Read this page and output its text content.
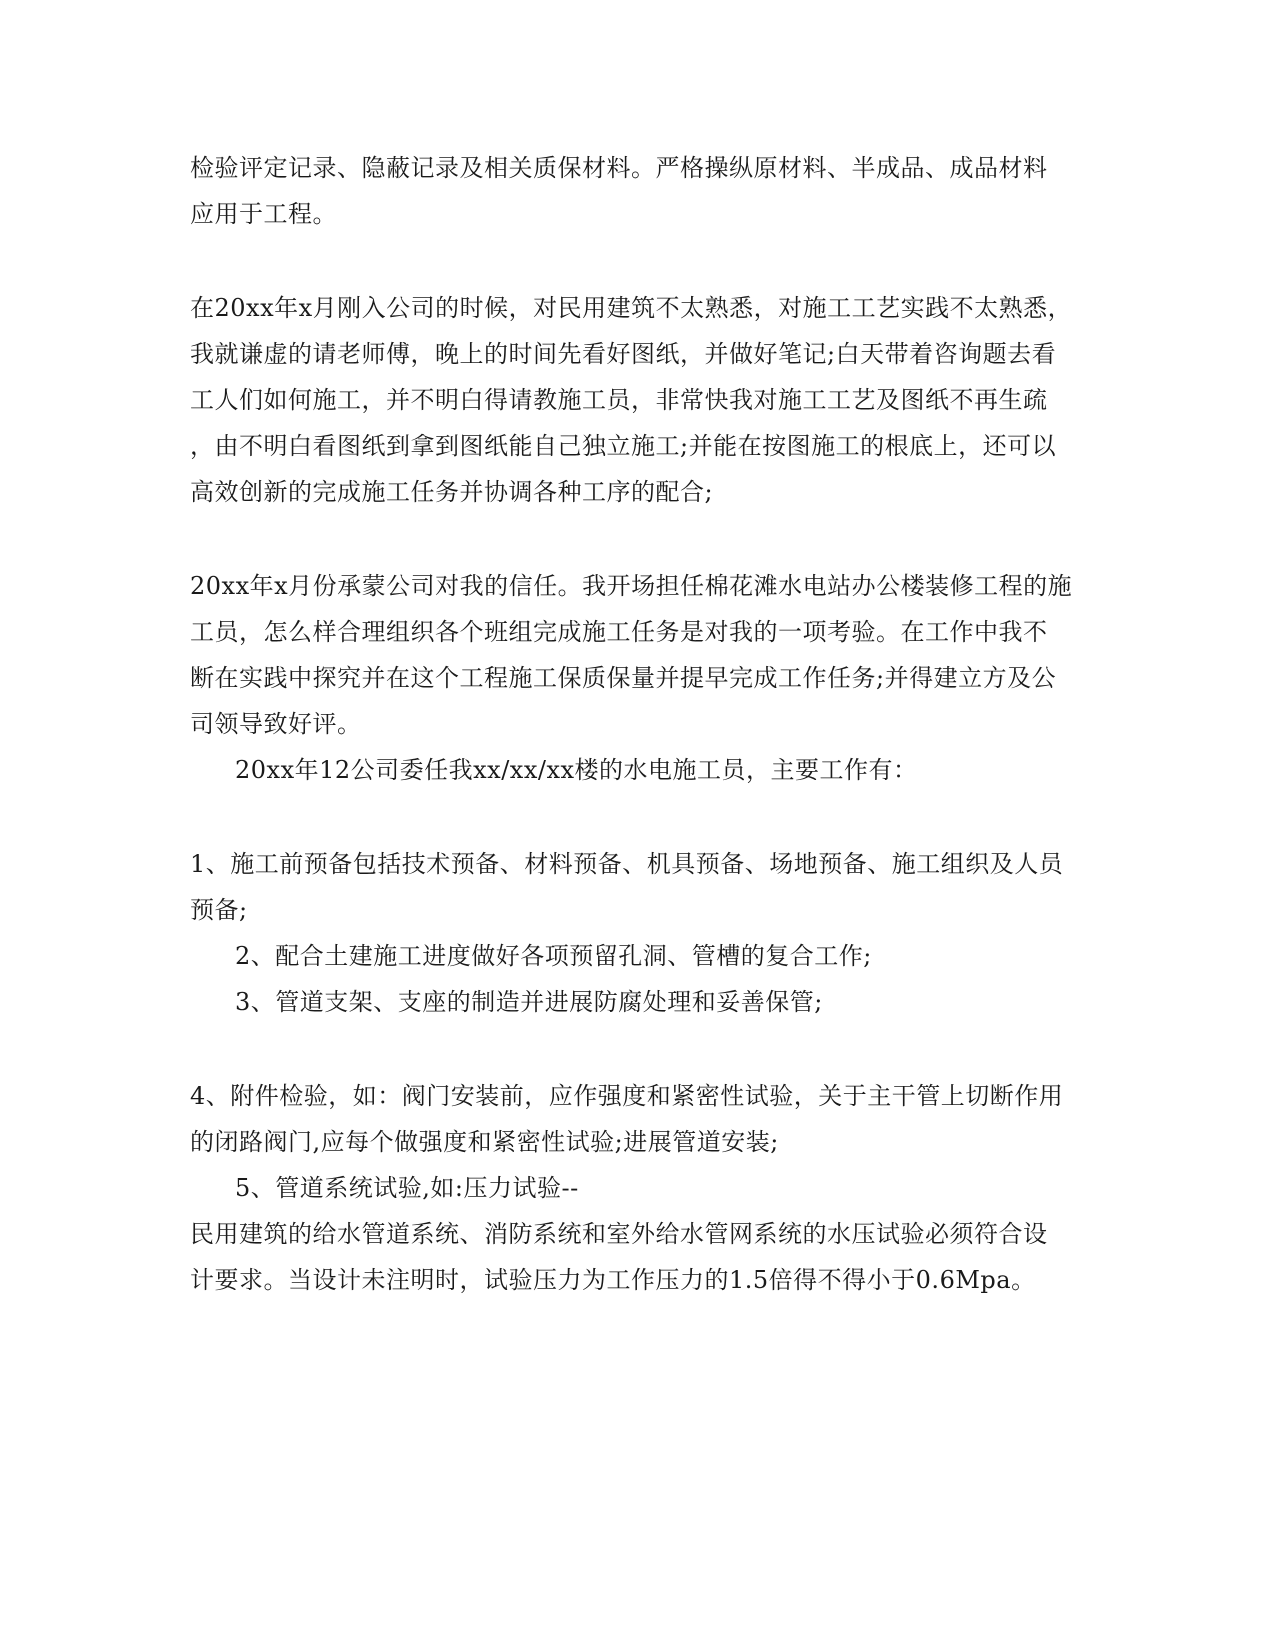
检验评定记录、隐蔽记录及相关质保材料。严格操纵原材料、半成品、成品材料
应用于工程。
在20xx年x月刚入公司的时候，对民用建筑不太熟悉，对施工工艺实践不太熟悉，
我就谦虚的请老师傅，晚上的时间先看好图纸，并做好笔记;白天带着咨询题去看
工人们如何施工，并不明白得请教施工员，非常快我对施工工艺及图纸不再生疏
，由不明白看图纸到拿到图纸能自己独立施工;并能在按图施工的根底上，还可以
高效创新的完成施工任务并协调各种工序的配合;
20xx年x月份承蒙公司对我的信任。我开场担任棉花滩水电站办公楼装修工程的施
工员，怎么样合理组织各个班组完成施工任务是对我的一项考验。在工作中我不
断在实践中探究并在这个工程施工保质保量并提早完成工作任务;并得建立方及公
司领导致好评。
20xx年12公司委任我xx/xx/xx楼的水电施工员，主要工作有：
1、施工前预备包括技术预备、材料预备、机具预备、场地预备、施工组织及人员
预备;
2、配合土建施工进度做好各项预留孔洞、管槽的复合工作;
3、管道支架、支座的制造并进展防腐处理和妥善保管;
4、附件检验，如：阀门安装前，应作强度和紧密性试验，关于主干管上切断作用
的闭路阀门,应每个做强度和紧密性试验;进展管道安装;
5、管道系统试验,如:压力试验--
民用建筑的给水管道系统、消防系统和室外给水管网系统的水压试验必须符合设
计要求。当设计未注明时，试验压力为工作压力的1.5倍得不得小于0.6Mpa。
